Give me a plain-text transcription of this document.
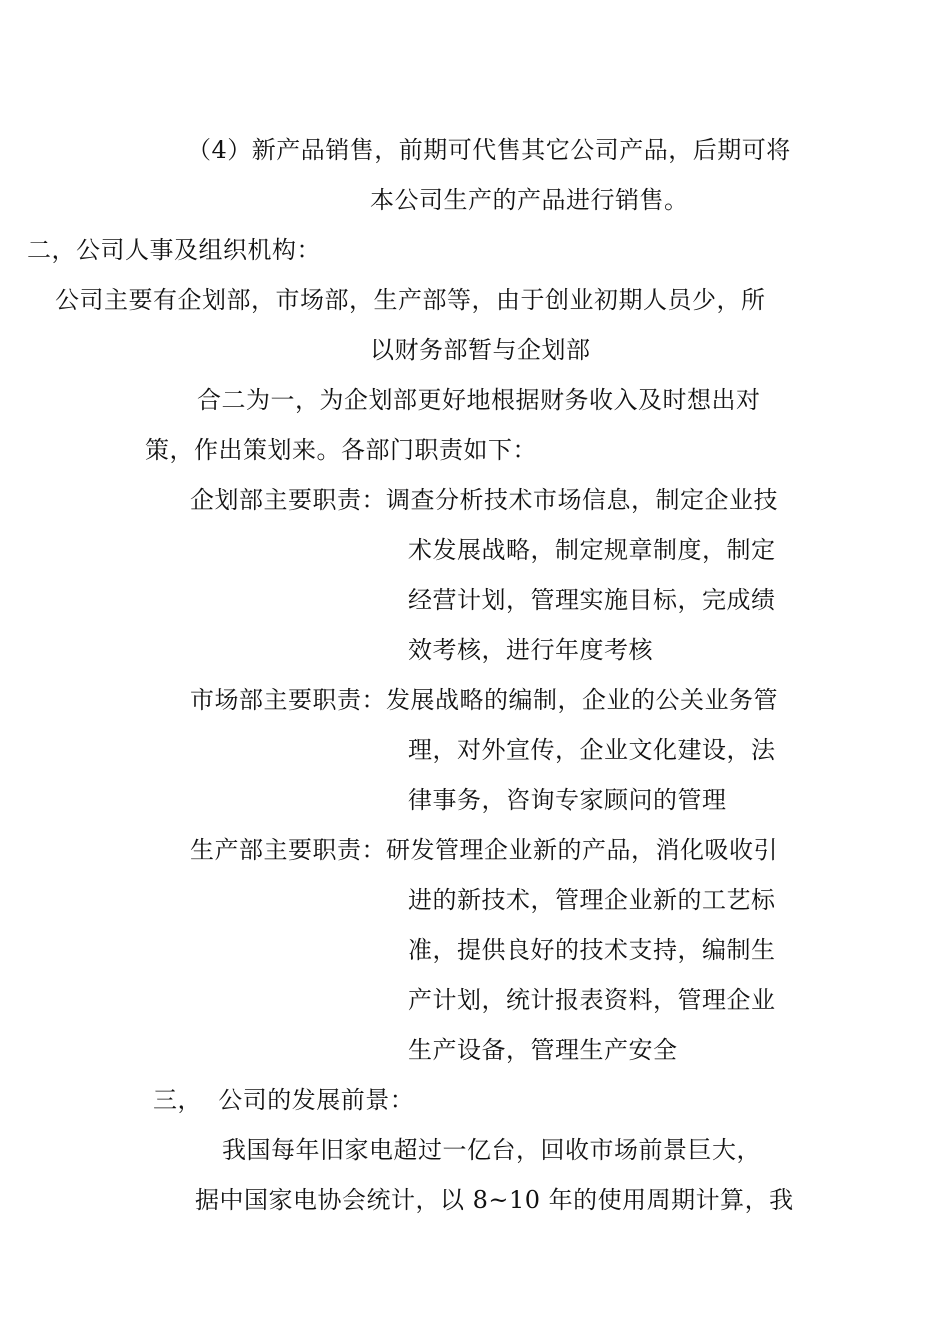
（4）新产品销售，前期可代售其它公司产品，后期可将
本公司生产的产品进行销售。
二，公司人事及组织机构：
公司主要有企划部，市场部，生产部等，由于创业初期人员少，所
以财务部暂与企划部
合二为一，为企划部更好地根据财务收入及时想出对
策，作出策划来。各部门职责如下：
企划部主要职责：调查分析技术市场信息，制定企业技
术发展战略，制定规章制度，制定
经营计划，管理实施目标，完成绩
效考核，进行年度考核
市场部主要职责：发展战略的编制，企业的公关业务管
理，对外宣传，企业文化建设，法
律事务，咨询专家顾问的管理
生产部主要职责：研发管理企业新的产品，消化吸收引
进的新技术，管理企业新的工艺标
准，提供良好的技术支持，编制生
产计划，统计报表资料，管理企业
生产设备，管理生产安全
三，  公司的发展前景：
我国每年旧家电超过一亿台，回收市场前景巨大，
据中国家电协会统计，以 8~10 年的使用周期计算，我
